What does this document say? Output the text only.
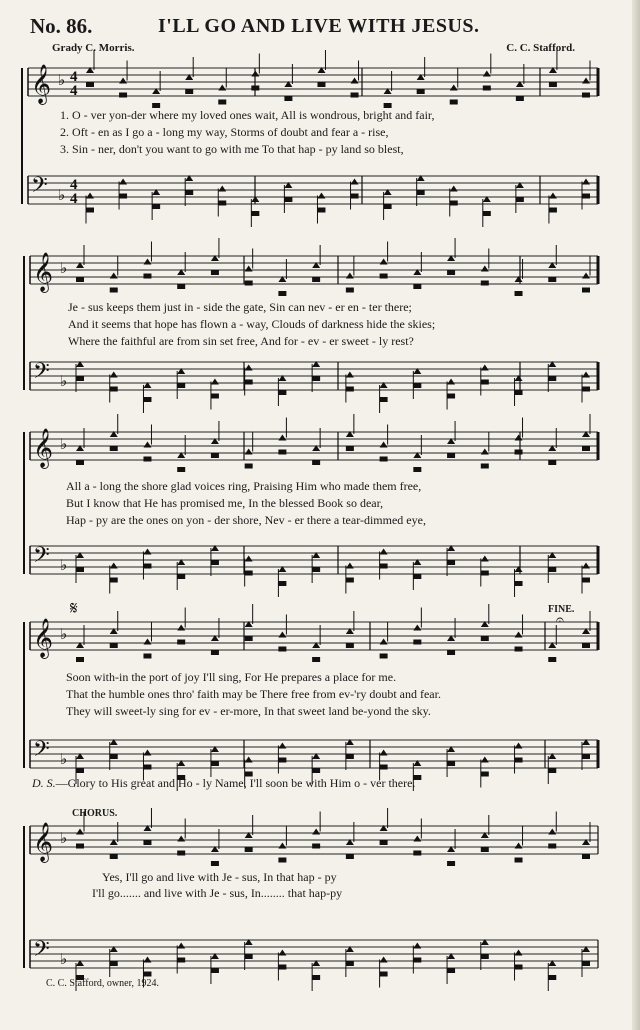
No. 86.	I'LL GO AND LIVE WITH JESUS.
Grady C. Morris.	C. C. Stafford.
𝄞 ♭ 4
4
𝄢 ♭
4
4
𝄞 ♭
𝄢 ♭
𝄞 ♭
𝄢 ♭
𝄞 ♭
𝄢 ♭
𝄞 ♭
𝄢 ♭
𝄋
𝄐
1. O - ver yon-der where my loved ones wait, All is wondrous, bright and fair,
2. Oft - en as I go a - long my way, Storms of doubt and fear a - rise,
3. Sin - ner, don't you want to go with me To that hap - py land so blest,
Je - sus keeps them just in - side the gate, Sin can nev - er en - ter there;
And it seems that hope has flown a - way, Clouds of darkness hide the skies;
Where the faithful are from sin set free, And for - ev - er sweet - ly rest?
All a - long the shore glad voices ring, Praising Him who made them free,
But I know that He has promised me, In the blessed Book so dear,
Hap - py are the ones on yon - der shore, Nev - er there a tear-dimmed eye,
FINE.
Soon with-in the port of joy I'll sing, For He prepares a place for me.
That the humble ones thro' faith may be There free from ev-'ry doubt and fear.
They will sweet-ly sing for ev - er-more, In that sweet land be-yond the sky.
D. S.—Glory to His great and Ho - ly Name, I'll soon be with Him o - ver there.
CHORUS.
Yes, I'll go and live with Je - sus, In that hap - py
I'll go....... and live with Je - sus, In........ that hap-py
C. C. Stafford, owner, 1924.
